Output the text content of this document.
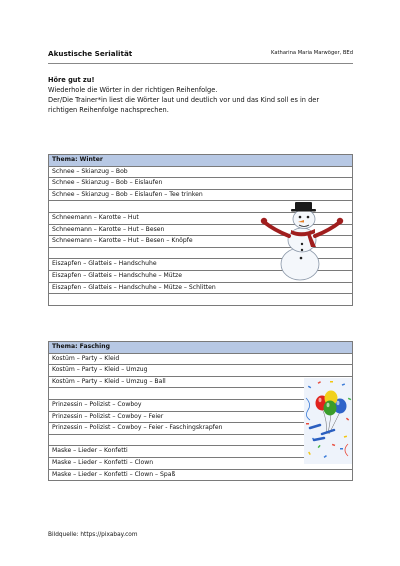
Akustische Serialität	Katharina Maria Marwöger, BEd
Höre gut zu!
Wiederhole die Wörter in der richtigen Reihenfolge.
Der/Die Trainer*in liest die Wörter laut und deutlich vor und das Kind soll es in der
richtigen Reihenfolge nachsprechen.
Thema: Winter
Schnee – Skianzug – Bob
Schnee – Skianzug – Bob – Eislaufen
Schnee – Skianzug – Bob – Eislaufen – Tee trinken

Schneemann – Karotte – Hut
Schneemann – Karotte – Hut – Besen
Schneemann – Karotte – Hut – Besen – Knöpfe

Eiszapfen – Glatteis – Handschuhe
Eiszapfen – Glatteis – Handschuhe – Mütze
Eiszapfen – Glatteis – Handschuhe – Mütze – Schlitten

Thema: Fasching
Kostüm – Party – Kleid
Kostüm – Party – Kleid – Umzug
Kostüm – Party – Kleid – Umzug – Ball

Prinzessin – Polizist – Cowboy
Prinzessin – Polizist – Cowboy – Feier
Prinzessin – Polizist – Cowboy – Feier - Faschingskrapfen

Maske – Lieder – Konfetti
Maske – Lieder – Konfetti – Clown
Maske – Lieder – Konfetti – Clown – Spaß
Bildquelle: https://pixabay.com
